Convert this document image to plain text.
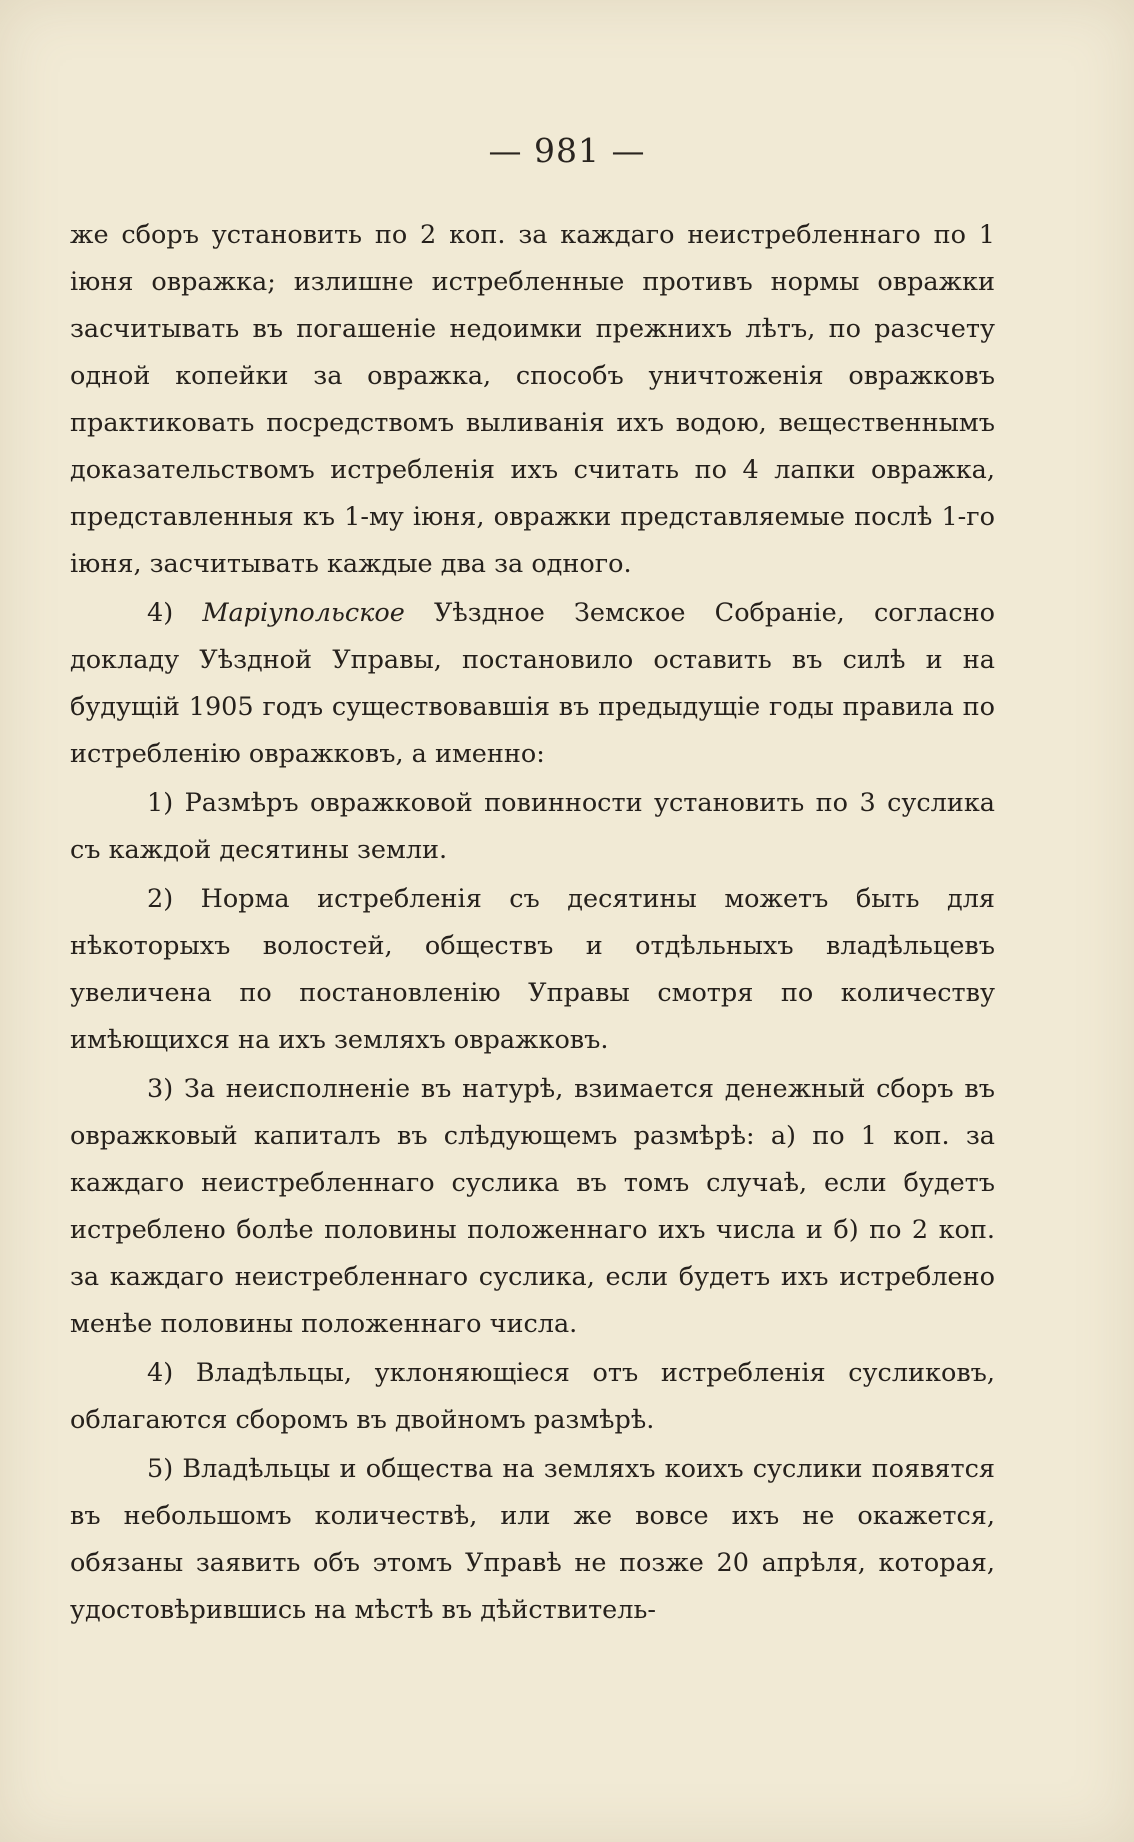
— 981 —

же сборъ установить по 2 коп. за каждаго неистребленнаго по 1 іюня овражка; излишне истребленные противъ нормы овражки засчитывать въ погашеніе недоимки прежнихъ лѣтъ, по разсчету одной копейки за овражка, способъ уничтоженія овражковъ практиковать посредствомъ выливанія ихъ водою, вещественнымъ доказательствомъ истребленія ихъ считать по 4 лапки овражка, представленныя къ 1-му іюня, овражки представляемые послѣ 1-го іюня, засчитывать каждые два за одного.

4) Маріупольское Уѣздное Земское Собраніе, согласно докладу Уѣздной Управы, постановило оставить въ силѣ и на будущій 1905 годъ существовавшія въ предыдущіе годы правила по истребленію овражковъ, а именно:

1) Размѣръ овражковой повинности установить по 3 суслика съ каждой десятины земли.

2) Норма истребленія съ десятины можетъ быть для нѣкоторыхъ волостей, обществъ и отдѣльныхъ владѣльцевъ увеличена по постановленію Управы смотря по количеству имѣющихся на ихъ земляхъ овражковъ.

3) За неисполненіе въ натурѣ, взимается денежный сборъ въ овражковый капиталъ въ слѣдующемъ размѣрѣ: а) по 1 коп. за каждаго неистребленнаго суслика въ томъ случаѣ, если будетъ истреблено болѣе половины положеннаго ихъ числа и б) по 2 коп. за каждаго неистребленнаго суслика, если будетъ ихъ истреблено менѣе половины положеннаго числа.

4) Владѣльцы, уклоняющіеся отъ истребленія сусликовъ, облагаются сборомъ въ двойномъ размѣрѣ.

5) Владѣльцы и общества на земляхъ коихъ суслики появятся въ небольшомъ количествѣ, или же вовсе ихъ не окажется, обязаны заявить объ этомъ Управѣ не позже 20 апрѣля, которая, удостовѣрившись на мѣстѣ въ дѣйствитель-
